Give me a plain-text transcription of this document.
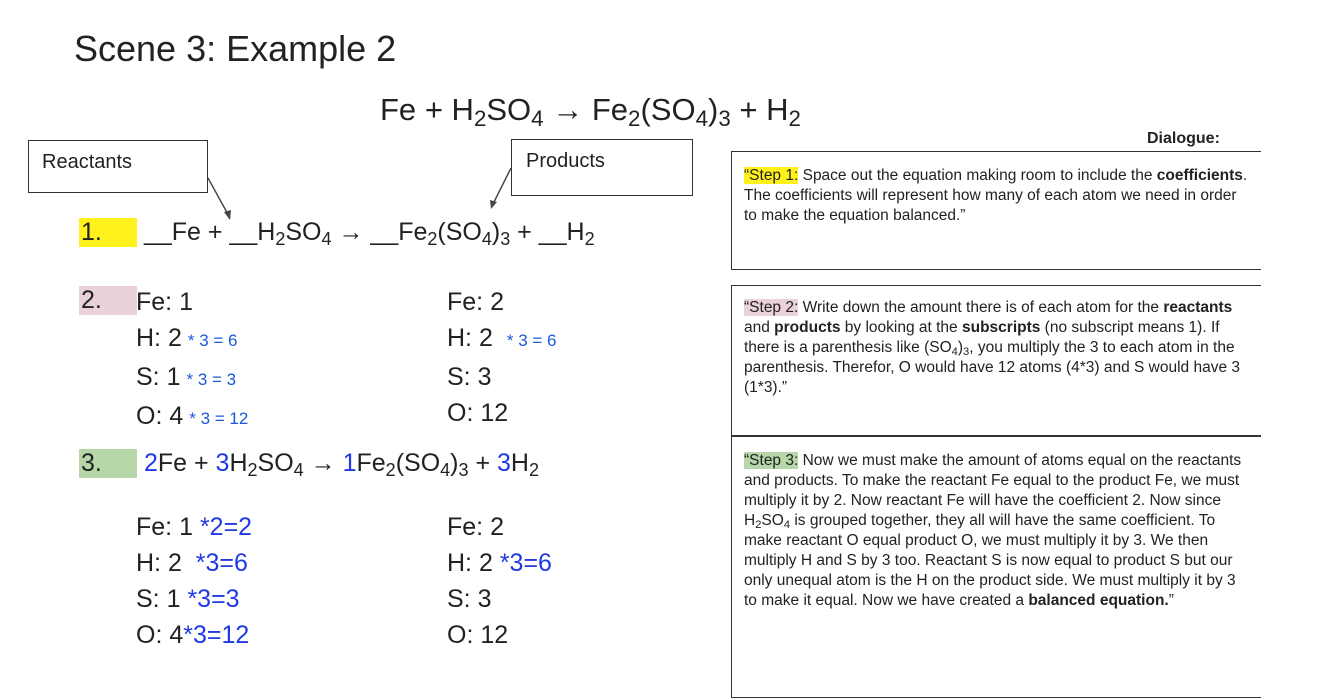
Scene 3: Example 2
$Fe + H_2SO_4 \to Fe_2(SO_4)_3 + H_2$
Reactants	Products
1. __Fe + $\_\_H_2SO_4$ → $\_\_Fe_2(SO_4)_3$ + $\_\_H_2$
2.	Fe: 1
H: 2 * 3 = 6
S: 1 * 3 = 3
O: 4 * 3 = 12
Fe: 2
H: 2 * 3 = 6
S: 3
O: 12
3. $2Fe + 3H_2SO_4 \to 1Fe_2(SO_4)_3 + 3H_2$
Fe: 1 *2=2
H: 2 *3=6
S: 1 *3=3
O: 4*3=12
Fe: 2
H: 2 *3=6
S: 3
O: 12
Dialogue:
“Step 1: Space out the equation making room to include the coefficients. The coefficients will represent how many of each atom we need in order to make the equation balanced.”
“Step 2: Write down the amount there is of each atom for the reactants and products by looking at the subscripts (no subscript means 1). If there is a parenthesis like $(SO_4)_3$, you multiply the 3 to each atom in the parenthesis. Therefor, O would have 12 atoms (4*3) and S would have 3 (1*3).”
“Step 3: Now we must make the amount of atoms equal on the reactants and products. To make the reactant Fe equal to the product Fe, we must multiply it by 2. Now reactant Fe will have the coefficient 2. Now since $H_2SO_4$ is grouped together, they all will have the same coefficient. To make reactant O equal product O, we must multiply it by 3. We then multiply H and S by 3 too. Reactant S is now equal to product S but our only unequal atom is the H on the product side. We must multiply it by 3 to make it equal. Now we have created a balanced equation.”
